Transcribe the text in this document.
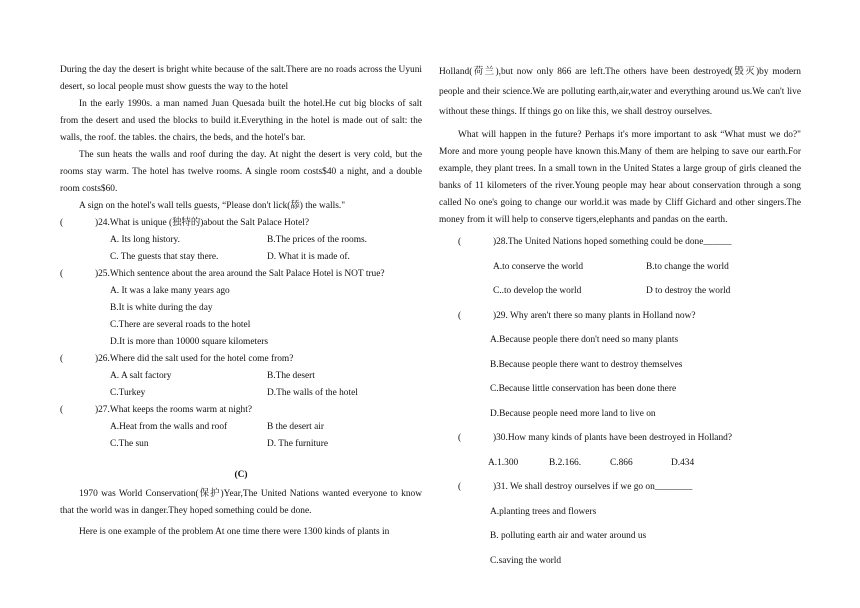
During the day the desert is bright white because of the salt.There are no roads across the Uyuni desert, so local people must show guests the way to the hotel

In the early 1990s. a man named Juan Quesada built the hotel.He cut big blocks of salt from the desert and used the blocks to build it.Everything in the hotel is made out of salt: the walls, the roof. the tables. the chairs, the beds, and the hotel's bar.

The sun heats the walls and roof during the day. At night the desert is very cold, but the rooms stay warm. The hotel has twelve rooms. A single room costs$40 a night, and a double room costs$60.

A sign on the hotel's wall tells guests, “Please don't lick(舔) the walls."

(	)24.What is unique (独特的)about the Salt Palace Hotel?
A. Its long history.	B.The prices of the rooms.
C. The guests that stay there.	D. What it is made of.
(	)25.Which sentence about the area around the Salt Palace Hotel is NOT true?
A. It was a lake many years ago
B.It is white during the day
C.There are several roads to the hotel
D.It is more than 10000 square kilometers
(	)26.Where did the salt used for the hotel come from?
A. A salt factory	B.The desert
C.Turkey	D.The walls of the hotel
(	)27.What keeps the rooms warm at night?
A.Heat from the walls and roof	B the desert air
C.The sun	D. The furniture
(C)

1970 was World Conservation(保护)Year,The United Nations wanted everyone to know that the world was in danger.They hoped something could be done.

Here is one example of the problem At one time there were 1300 kinds of plants in

Holland(荷兰),but now only 866 are left.The others have been destroyed(毁灭)by modern people and their science.We are polluting earth,air,water and everything around us.We can't live without these things. If things go on like this, we shall destroy ourselves.

What will happen in the future? Perhaps it's more important to ask “What must we do?" More and more young people have known this.Many of them are helping to save our earth.For example, they plant trees. In a small town in the United States a large group of girls cleaned the banks of 11 kilometers of the river.Young people may hear about conservation through a song called No one's going to change our world.it was made by Cliff Gichard and other singers.The money from it will help to conserve tigers,elephants and pandas on the earth.

(	)28.The United Nations hoped something could be done______
A.to conserve the world	B.to change the world
C..to develop the world	D to destroy the world
(	)29. Why aren't there so many plants in Holland now?
A.Because people there don't need so many plants
B.Because people there want to destroy themselves
C.Because little conservation has been done there
D.Because people need more land to live on
(	)30.How many kinds of plants have been destroyed in Holland?
A.1.300	B.2.166.	C.866	D.434
(	)31. We shall destroy ourselves if we go on________
A.planting trees and flowers
B. polluting earth air and water around us
C.saving the world
